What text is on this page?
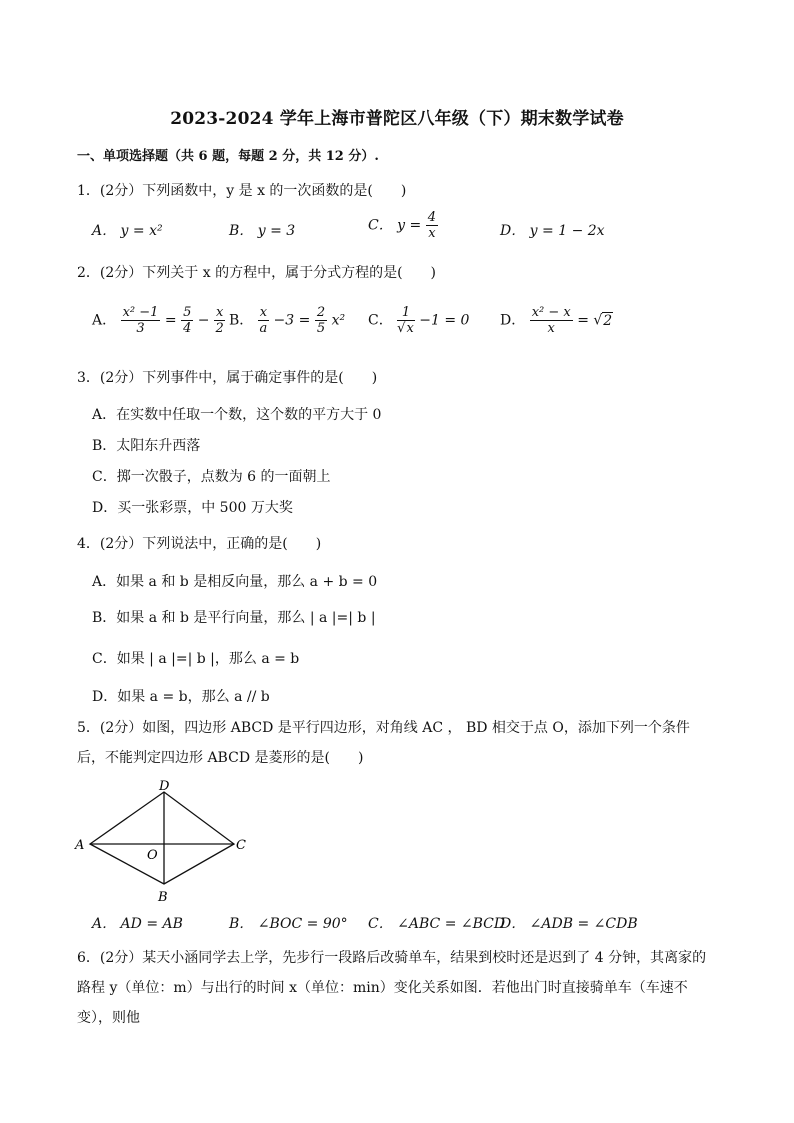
2023-2024 学年上海市普陀区八年级（下）期末数学试卷
一、单项选择题（共 6 题，每题 2 分，共 12 分）.
1．(2分）下列函数中，y 是 x 的一次函数的是(　　)
A． y = x²	B． y = 3	C． $y = \frac{4}{x}$	D． y = 1 − 2x
2．(2分）下列关于 x 的方程中，属于分式方程的是(　　)
A． $\frac{\text{x² −1}}{3} = \frac{5}{4} - \frac{x}{2}$ B． $\frac{x}{a} -3 = \frac{2}{5} x^2$ C． $\frac{1}{√x} -1 = 0$ D． $\frac{\text{x² − x}}{x} = √2$
3．(2分）下列事件中，属于确定事件的是(　　)
A．在实数中任取一个数，这个数的平方大于 0
B．太阳东升西落
C．掷一次骰子，点数为 6 的一面朝上
D．买一张彩票，中 500 万大奖
4．(2分）下列说法中，正确的是(　　)
A．如果 a 和 b 是相反向量，那么 a + b = 0
B．如果 a 和 b 是平行向量，那么 | a |=| b |
C．如果 | a |=| b |，那么 a = b
D．如果 a = b，那么 a // b
5．(2分）如图，四边形 ABCD 是平行四边形，对角线 AC ， BD 相交于点 O，添加下列一个条件后，不能判定四边形 ABCD 是菱形的是(　　)
A
D
C
B
O
A． AD = AB	B． ∠BOC = 90° C． ∠ABC = ∠BCD
D． ∠ADB = ∠CDB
6．(2分）某天小涵同学去上学，先步行一段路后改骑单车，结果到校时还是迟到了 4 分钟，其离家的路程 y（单位：m）与出行的时间 x（单位：min）变化关系如图．若他出门时直接骑单车（车速不变），则他
